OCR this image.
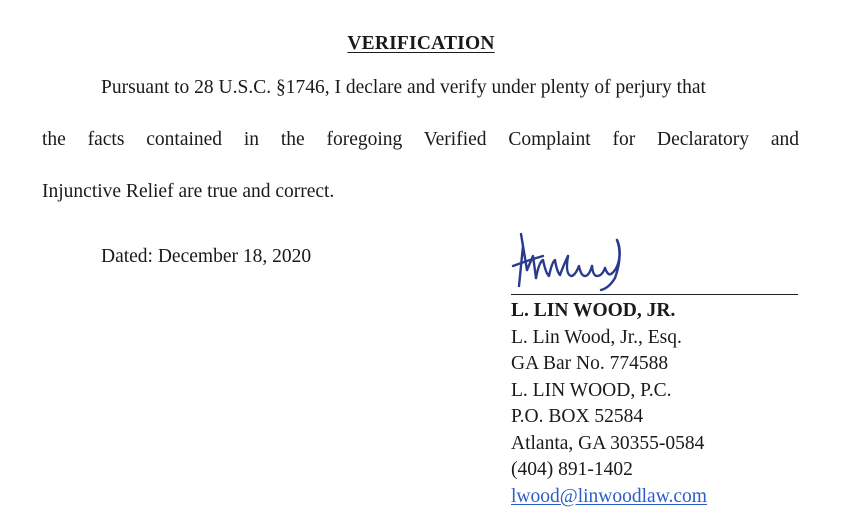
VERIFICATION
Pursuant to 28 U.S.C. §1746, I declare and verify under plenty of perjury that
the facts contained in the foregoing Verified Complaint for Declaratory and
Injunctive Relief are true and correct.
Dated: December 18, 2020
L. LIN WOOD, JR.
L. Lin Wood, Jr., Esq.
GA Bar No. 774588
L. LIN WOOD, P.C.
P.O. BOX 52584
Atlanta, GA 30355-0584
(404) 891-1402
lwood@linwoodlaw.com
